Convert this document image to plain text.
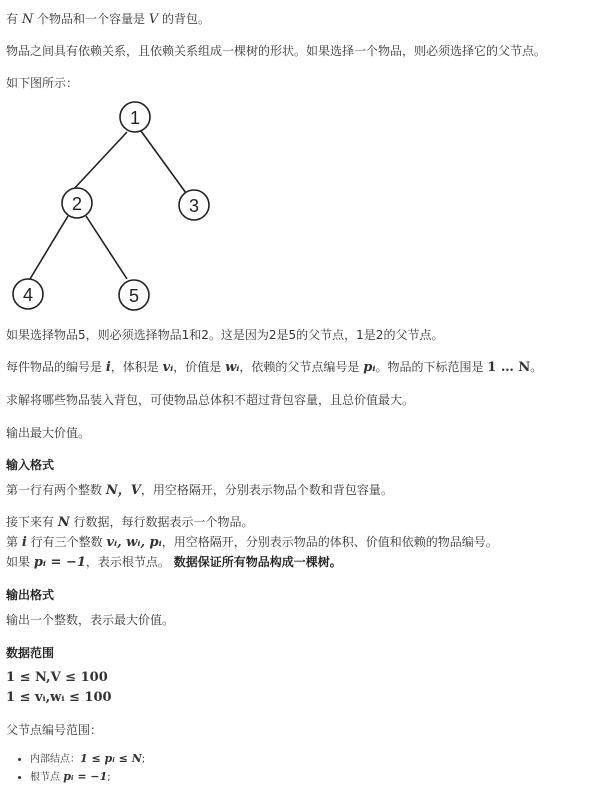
有 N 个物品和一个容量是 V 的背包。
物品之间具有依赖关系，且依赖关系组成一棵树的形状。如果选择一个物品，则必须选择它的父节点。
如下图所示：
如果选择物品5，则必须选择物品1和2。这是因为2是5的父节点，1是2的父节点。
每件物品的编号是 i，体积是 vᵢ，价值是 wᵢ，依赖的父节点编号是 pᵢ。物品的下标范围是 1 … N。
求解将哪些物品装入背包，可使物品总体积不超过背包容量，且总价值最大。
输出最大价值。
输入格式
第一行有两个整数 N，V，用空格隔开，分别表示物品个数和背包容量。
接下来有 N 行数据，每行数据表示一个物品。
第 i 行有三个整数 vᵢ, wᵢ, pᵢ，用空格隔开，分别表示物品的体积、价值和依赖的物品编号。
如果 pᵢ = −1，表示根节点。 数据保证所有物品构成一棵树。
输出格式
输出一个整数，表示最大价值。
数据范围
1 ≤ N,V ≤ 100
1 ≤ vᵢ,wᵢ ≤ 100
父节点编号范围：
1
2	3
4	5
• 内部结点：1 ≤ pᵢ ≤ N;
• 根节点 pᵢ = −1;
